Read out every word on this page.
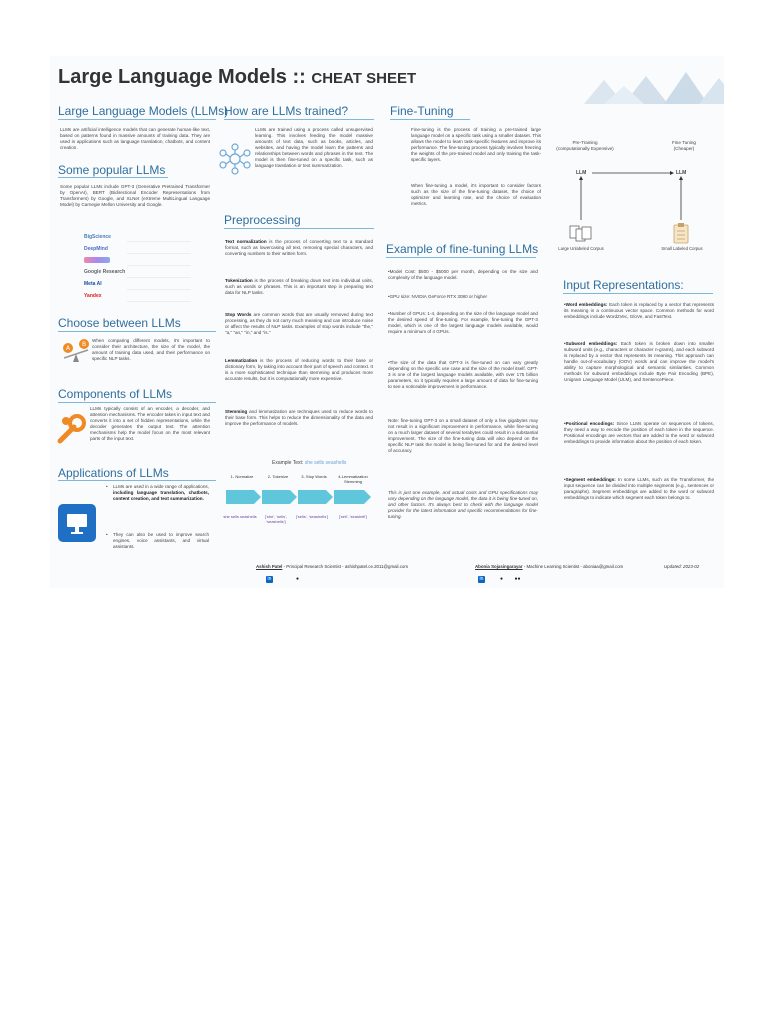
Large Language Models :: CHEAT SHEET
Large Language Models (LLMs)
LLMs are artificial intelligence models that can generate human-like text, based on patterns found in massive amounts of training data. They are used in applications such as language translation, chatbots, and content creation.
Some popular LLMs
Some popular LLMs include GPT-3 (Generative Pretrained Transformer by OpenAI), BERT (Bidirectional Encoder Representations from Transformers) by Google, and XLNet (eXtreme MultiLingual Language Model) by Carnegie Mellon University and Google.
BigScience
DeepMind
Google Research
Meta AI
Yandex
Choose between LLMs
A
B
When comparing different models, it's important to consider their architecture, the size of the model, the amount of training data used, and their performance on specific NLP tasks.
Components of LLMs
LLMs typically consist of an encoder, a decoder, and attention mechanisms. The encoder takes in input text and converts it into a set of hidden representations, while the decoder generates the output text. The attention mechanisms help the model focus on the most relevant parts of the input text.
Applications of LLMs
•	LLMs are used in a wide range of applications, including language translation, chatbots, content creation, and text summarization.
•	They can also be used to improve search engines, voice assistants, and virtual assistants.
How are LLMs trained?
LLMs are trained using a process called unsupervised learning. This involves feeding the model massive amounts of text data, such as books, articles, and websites, and having the model learn the patterns and relationships between words and phrases in the text. The model is then fine-tuned on a specific task, such as language translation or text summarization.
Preprocessing
Text normalization is the process of converting text to a standard format, such as lowercasing all text, removing special characters, and converting numbers to their written form.
Tokenization is the process of breaking down text into individual units, such as words or phrases. This is an important step in preparing text data for NLP tasks.
Stop Words are common words that are usually removed during text processing, as they do not carry much meaning and can introduce noise or affect the results of NLP tasks. Examples of stop words include "the," "a," "an," "in," and "is."
Lemmatization is the process of reducing words to their base or dictionary form, by taking into account their part of speech and context. It is a more sophisticated technique than stemming and produces more accurate results, but it is computationally more expensive.
Stemming and lemmatization are techniques used to reduce words to their base form. This helps to reduce the dimensionality of the data and improve the performance of models.
Example Text: she sells seashells
1- Normalize	2- Tokenize	3- Stop Words	4-Lemmatization Stemming
she sells seashells	['she', 'sells', 'seashells']
['sells', 'seashells']	['sell', 'seashell']
Fine-Tuning
Fine-tuning is the process of training a pre-trained large language model on a specific task using a smaller dataset. This allows the model to learn task-specific features and improve its performance. The fine-tuning process typically involves freezing the weights of the pre-trained model and only training the task-specific layers.
When fine-tuning a model, it's important to consider factors such as the size of the fine-tuning dataset, the choice of optimizer and learning rate, and the choice of evaluation metrics.
Example of fine-tuning LLMs
•Model Cost: $500 - $5000 per month, depending on the size and complexity of the language model.
•GPU size: NVIDIA GeForce RTX 3080 or higher
•Number of GPUs: 1-4, depending on the size of the language model and the desired speed of fine-tuning. For example, fine-tuning the GPT-3 model, which is one of the largest language models available, would require a minimum of 4 GPUs.
•The size of the data that GPT-3 is fine-tuned on can vary greatly depending on the specific use case and the size of the model itself. GPT-3 is one of the largest language models available, with over 175 billion parameters, so it typically requires a large amount of data for fine-tuning to see a noticeable improvement in performance.
Note: fine-tuning GPT-3 on a small dataset of only a few gigabytes may not result in a significant improvement in performance, while fine-tuning on a much larger dataset of several terabytes could result in a substantial improvement. The size of the fine-tuning data will also depend on the specific NLP task the model is being fine-tuned for and the desired level of accuracy.
This is just one example, and actual costs and GPU specifications may vary depending on the language model, the data it is being fine-tuned on, and other factors. It's always best to check with the language model provider for the latest information and specific recommendations for fine-tuning.
Pre-Training
(computationally Expensive)
Fine Tuning
(Cheaper)
LLM	LLM
Large Unlabeled Corpus	Small Labeled Corpus
Input Representations:
•Word embeddings: Each token is replaced by a vector that represents its meaning in a continuous vector space. Common methods for word embeddings include Word2Vec, GloVe, and FastText.
•Subword embeddings: Each token is broken down into smaller subword units (e.g., characters or character n-grams), and each subword is replaced by a vector that represents its meaning. This approach can handle out-of-vocabulary (OOV) words and can improve the model's ability to capture morphological and semantic similarities. Common methods for subword embeddings include Byte Pair Encoding (BPE), Unigram Language Model (ULM), and SentencePiece.
•Positional encodings: Since LLMs operate on sequences of tokens, they need a way to encode the position of each token in the sequence. Positional encodings are vectors that are added to the word or subword embeddings to provide information about the position of each token.
•Segment embeddings: In some LLMs, such as the Transformer, the input sequence can be divided into multiple segments (e.g., sentences or paragraphs). Segment embeddings are added to the word or subword embeddings to indicate which segment each token belongs to.
Ashish Patel - Principal Research Scientist - ashishpatel.ce.2011@gmail.com
in	●
Abonia Sojasingarayar - Machine Learning Scientist - aboniaa@gmail.com
in	●	●●
Updated: 2023-02
